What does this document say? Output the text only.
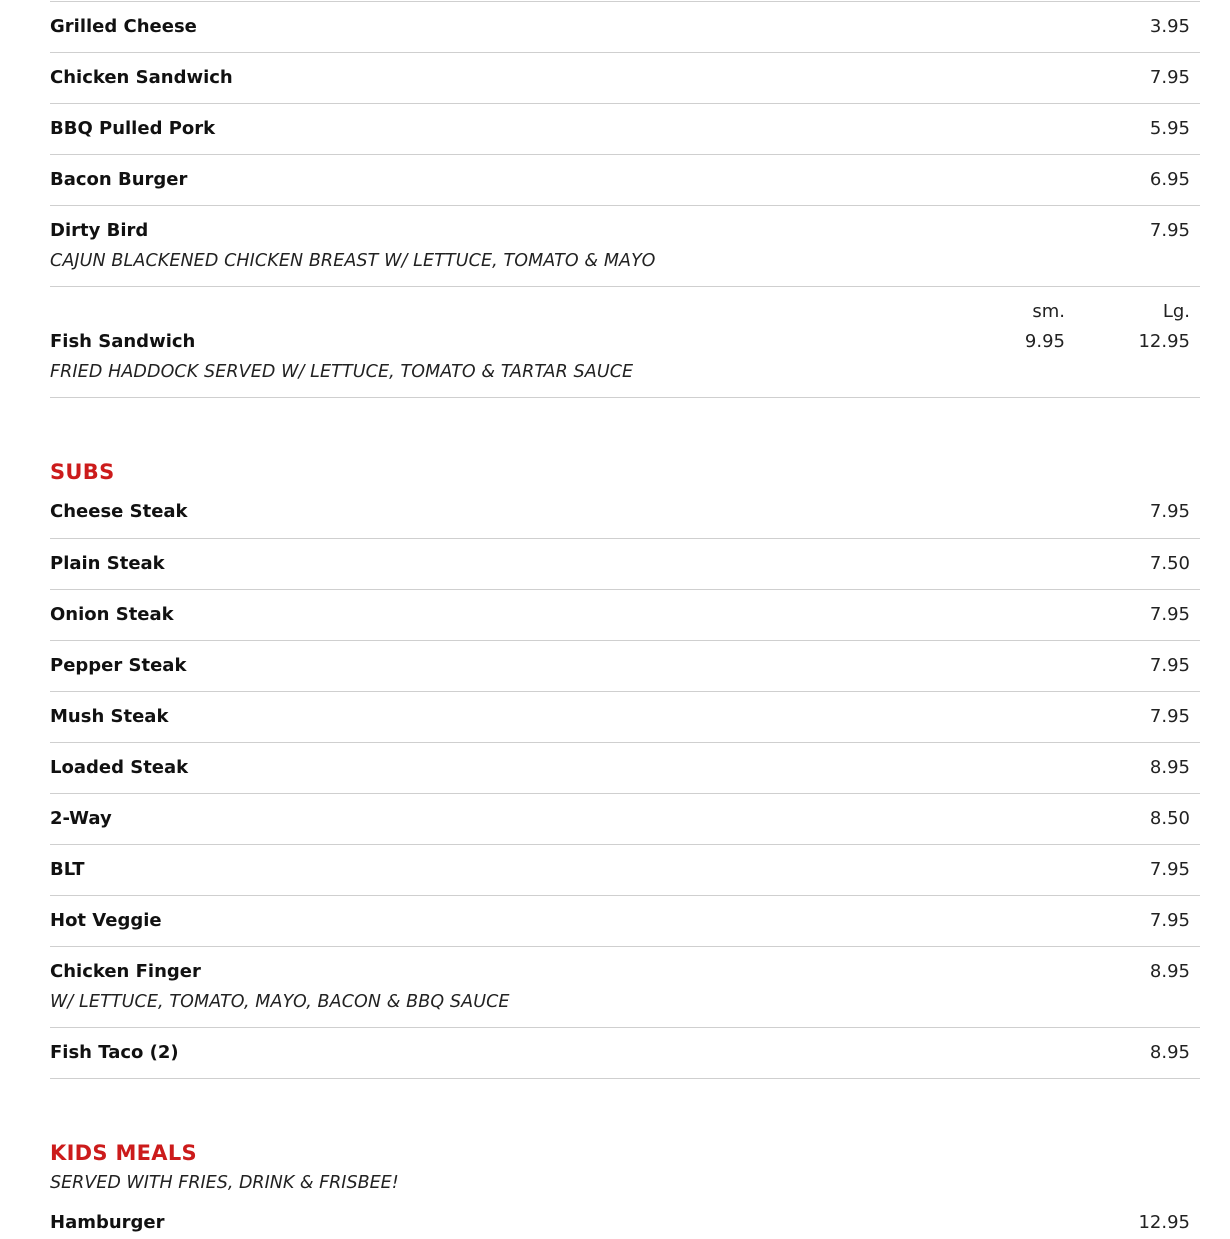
Grilled Cheese	3.95
Chicken Sandwich	7.95
BBQ Pulled Pork	5.95
Bacon Burger	6.95
Dirty Bird	7.95
CAJUN BLACKENED CHICKEN BREAST W/ LETTUCE, TOMATO & MAYO
sm.	Lg.
Fish Sandwich	9.95	12.95
FRIED HADDOCK SERVED W/ LETTUCE, TOMATO & TARTAR SAUCE
SUBS
Cheese Steak	7.95
Plain Steak	7.50
Onion Steak	7.95
Pepper Steak	7.95
Mush Steak	7.95
Loaded Steak	8.95
2-Way	8.50
BLT	7.95
Hot Veggie	7.95
Chicken Finger	8.95
W/ LETTUCE, TOMATO, MAYO, BACON & BBQ SAUCE
Fish Taco (2)	8.95
KIDS MEALS
SERVED WITH FRIES, DRINK & FRISBEE!
Hamburger	12.95
